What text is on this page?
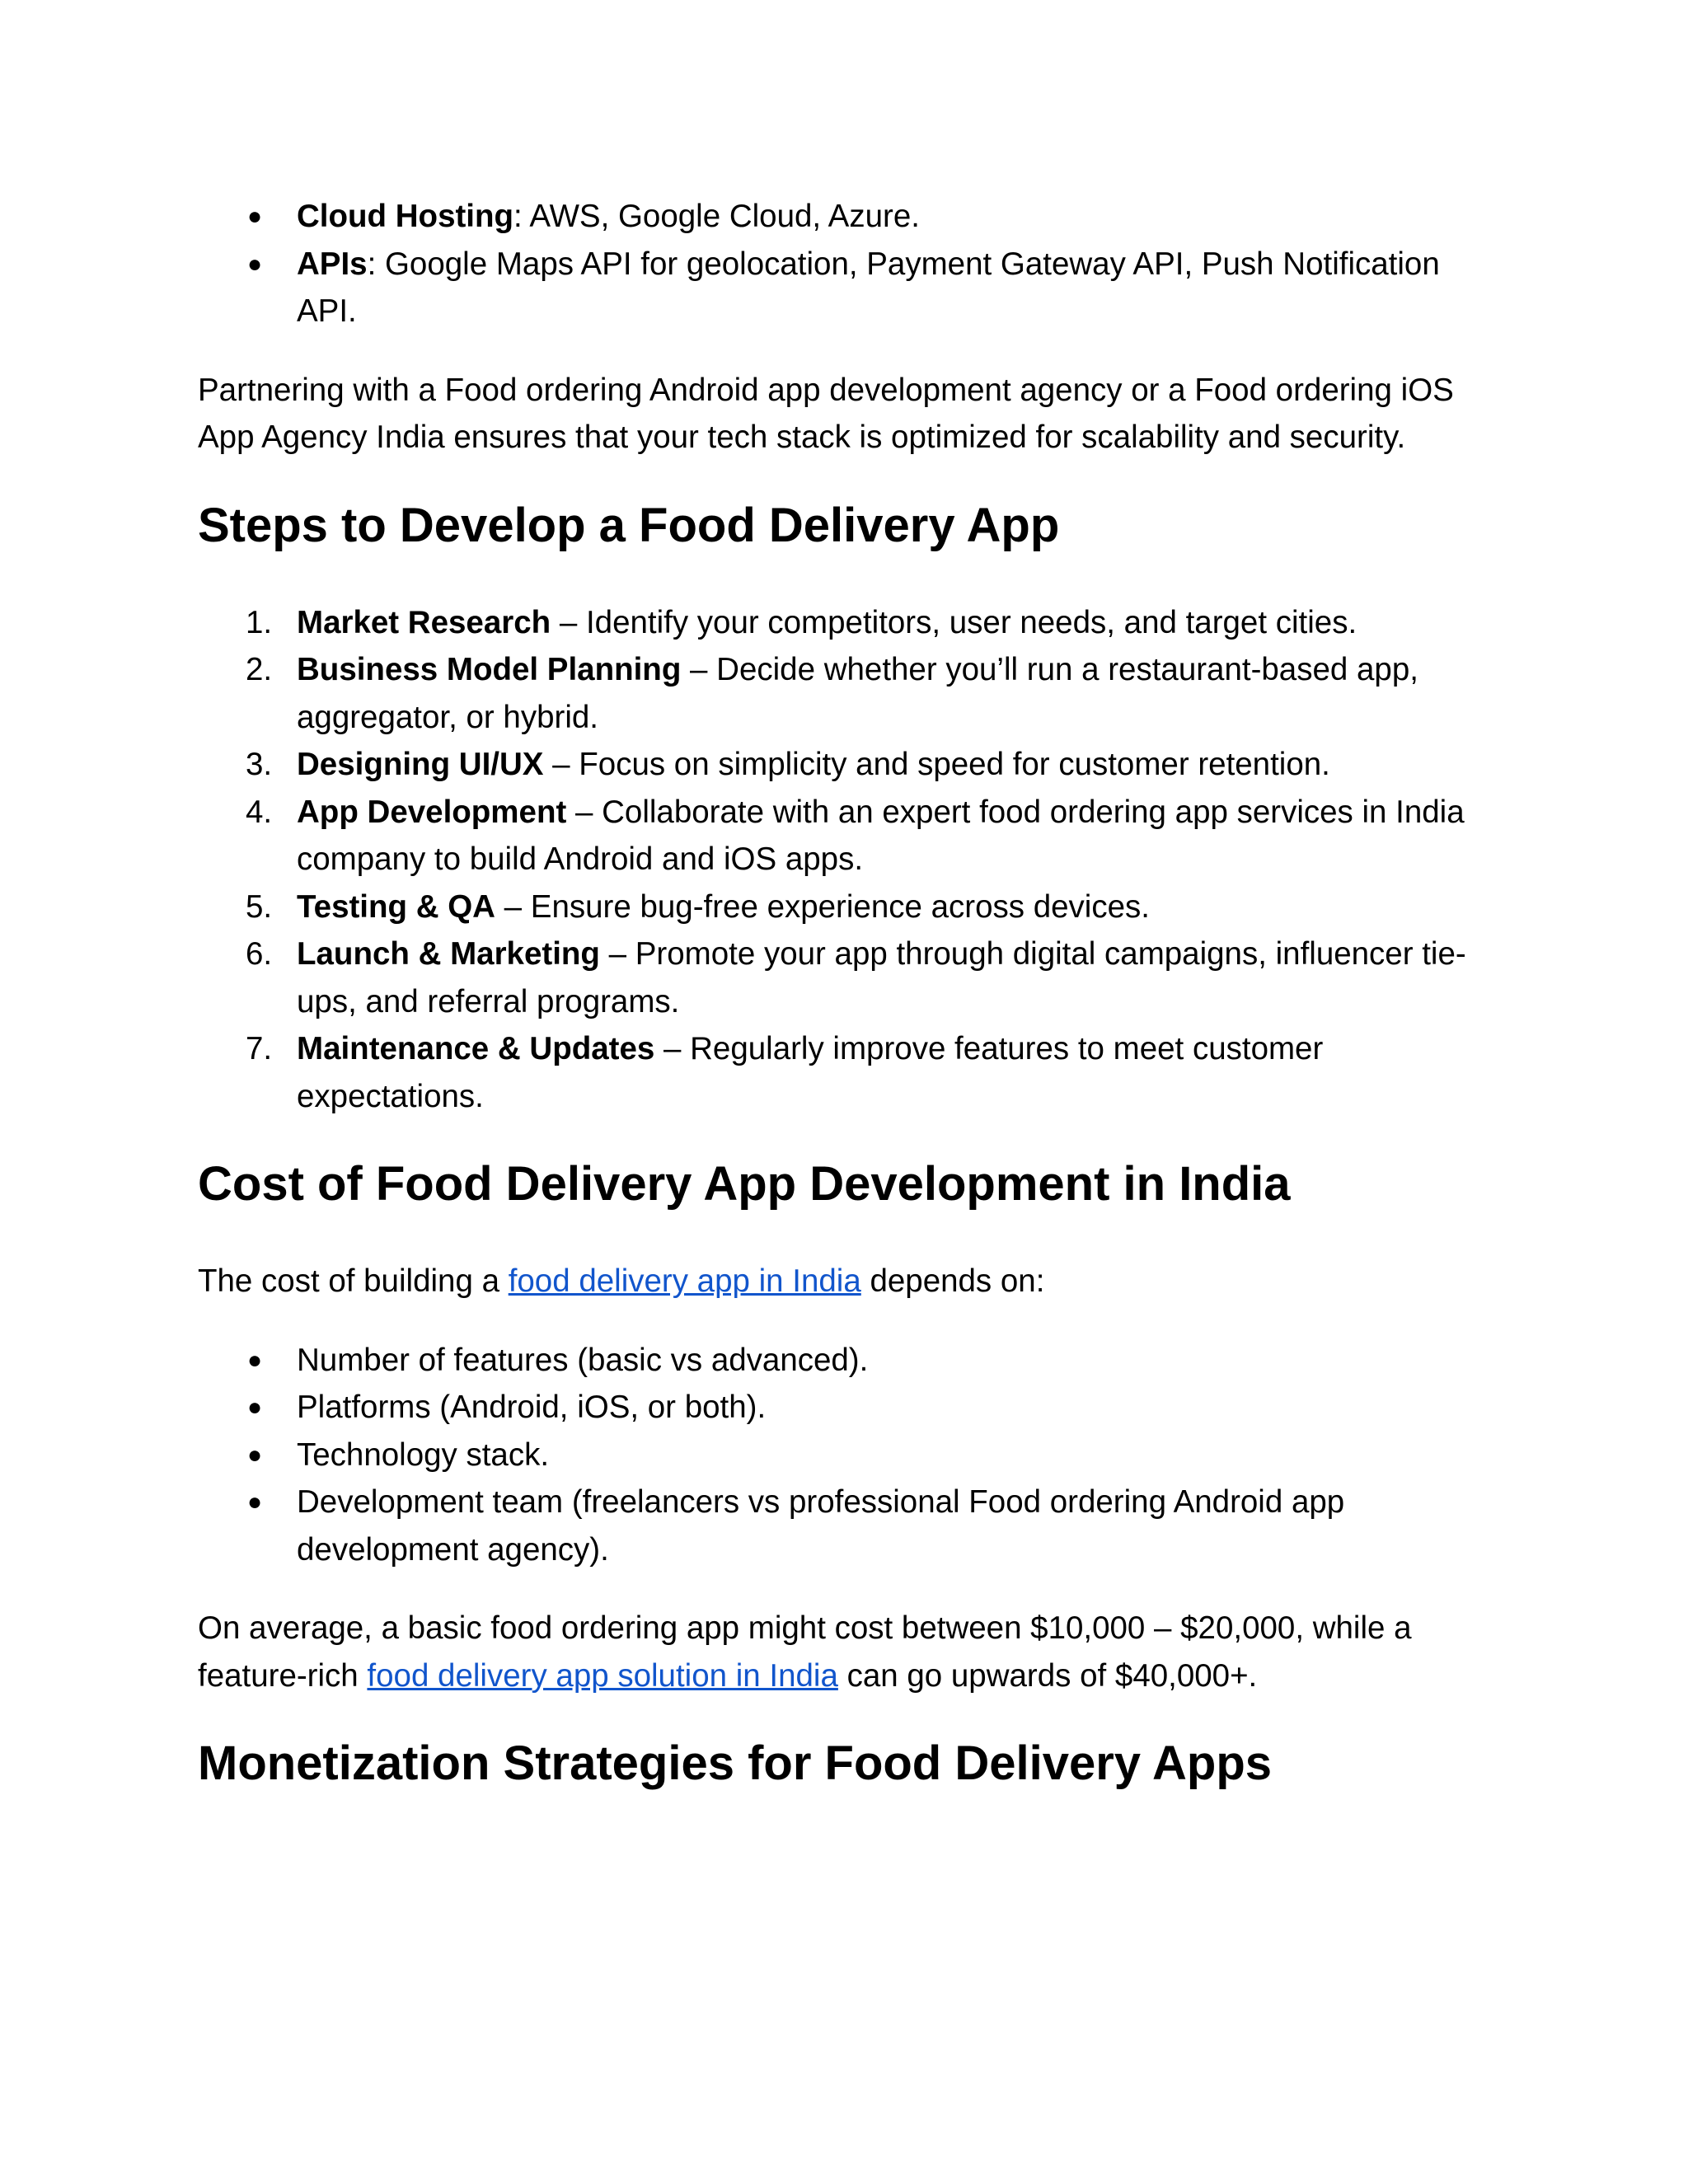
●	Cloud Hosting: AWS, Google Cloud, Azure.
●	APIs: Google Maps API for geolocation, Payment Gateway API, Push Notification API.

Partnering with a Food ordering Android app development agency or a Food ordering iOS App Agency India ensures that your tech stack is optimized for scalability and security.

Steps to Develop a Food Delivery App
1. Market Research – Identify your competitors, user needs, and target cities.
2. Business Model Planning – Decide whether you’ll run a restaurant-based app, aggregator, or hybrid.
3. Designing UI/UX – Focus on simplicity and speed for customer retention.
4. App Development – Collaborate with an expert food ordering app services in India company to build Android and iOS apps.
5. Testing & QA – Ensure bug-free experience across devices.
6. Launch & Marketing – Promote your app through digital campaigns, influencer tie-ups, and referral programs.
7. Maintenance & Updates – Regularly improve features to meet customer expectations.
Cost of Food Delivery App Development in India

The cost of building a food delivery app in India depends on:

●	Number of features (basic vs advanced).
●	Platforms (Android, iOS, or both).
●	Technology stack.
●	Development team (freelancers vs professional Food ordering Android app development agency).

On average, a basic food ordering app might cost between $10,000 – $20,000, while a feature-rich food delivery app solution in India can go upwards of $40,000+.

Monetization Strategies for Food Delivery Apps
